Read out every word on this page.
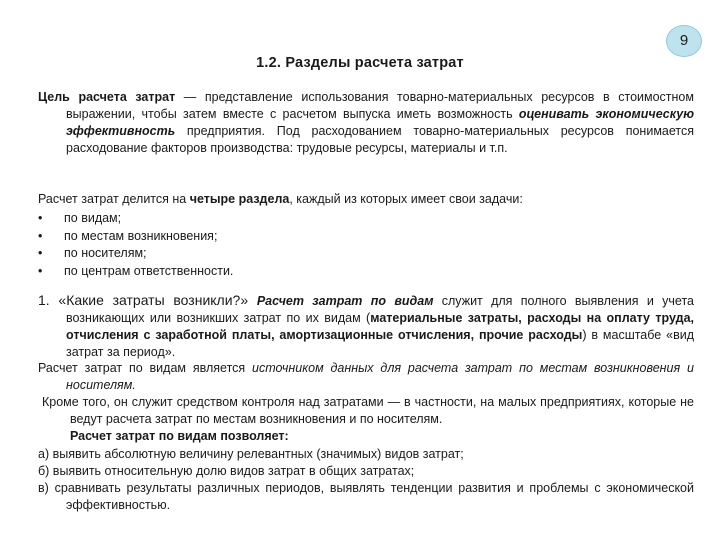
9
1.2. Разделы расчета затрат
Цель расчета затрат — представление использования товарно-материальных ресурсов в стоимостном выражении, чтобы затем вместе с расчетом выпуска иметь возможность оценивать экономическую эффективность предприятия. Под расходованием товарно-материальных ресурсов понимается расходование факторов производства: трудовые ресурсы, материалы и т.п.
Расчет затрат делится на четыре раздела, каждый из которых имеет свои задачи:
•	по видам;
•	по местам возникновения;
•	по носителям;
•	по центрам ответственности.
1. «Какие затраты возникли?» Расчет затрат по видам служит для полного выявления и учета возникающих или возникших затрат по их видам (материальные затраты, расходы на оплату труда, отчисления с заработной платы, амортизационные отчисления, прочие расходы) в масштабе «вид затрат за период».
Расчет затрат по видам является источником данных для расчета затрат по местам возникновения и носителям.
Кроме того, он служит средством контроля над затратами — в частности, на малых предприятиях, которые не ведут расчета затрат по местам возникновения и по носителям.
Расчет затрат по видам позволяет:
а) выявить абсолютную величину релевантных (значимых) видов затрат;
б) выявить относительную долю видов затрат в общих затратах;
в) сравнивать результаты различных периодов, выявлять тенденции развития и проблемы с экономической эффективностью.
